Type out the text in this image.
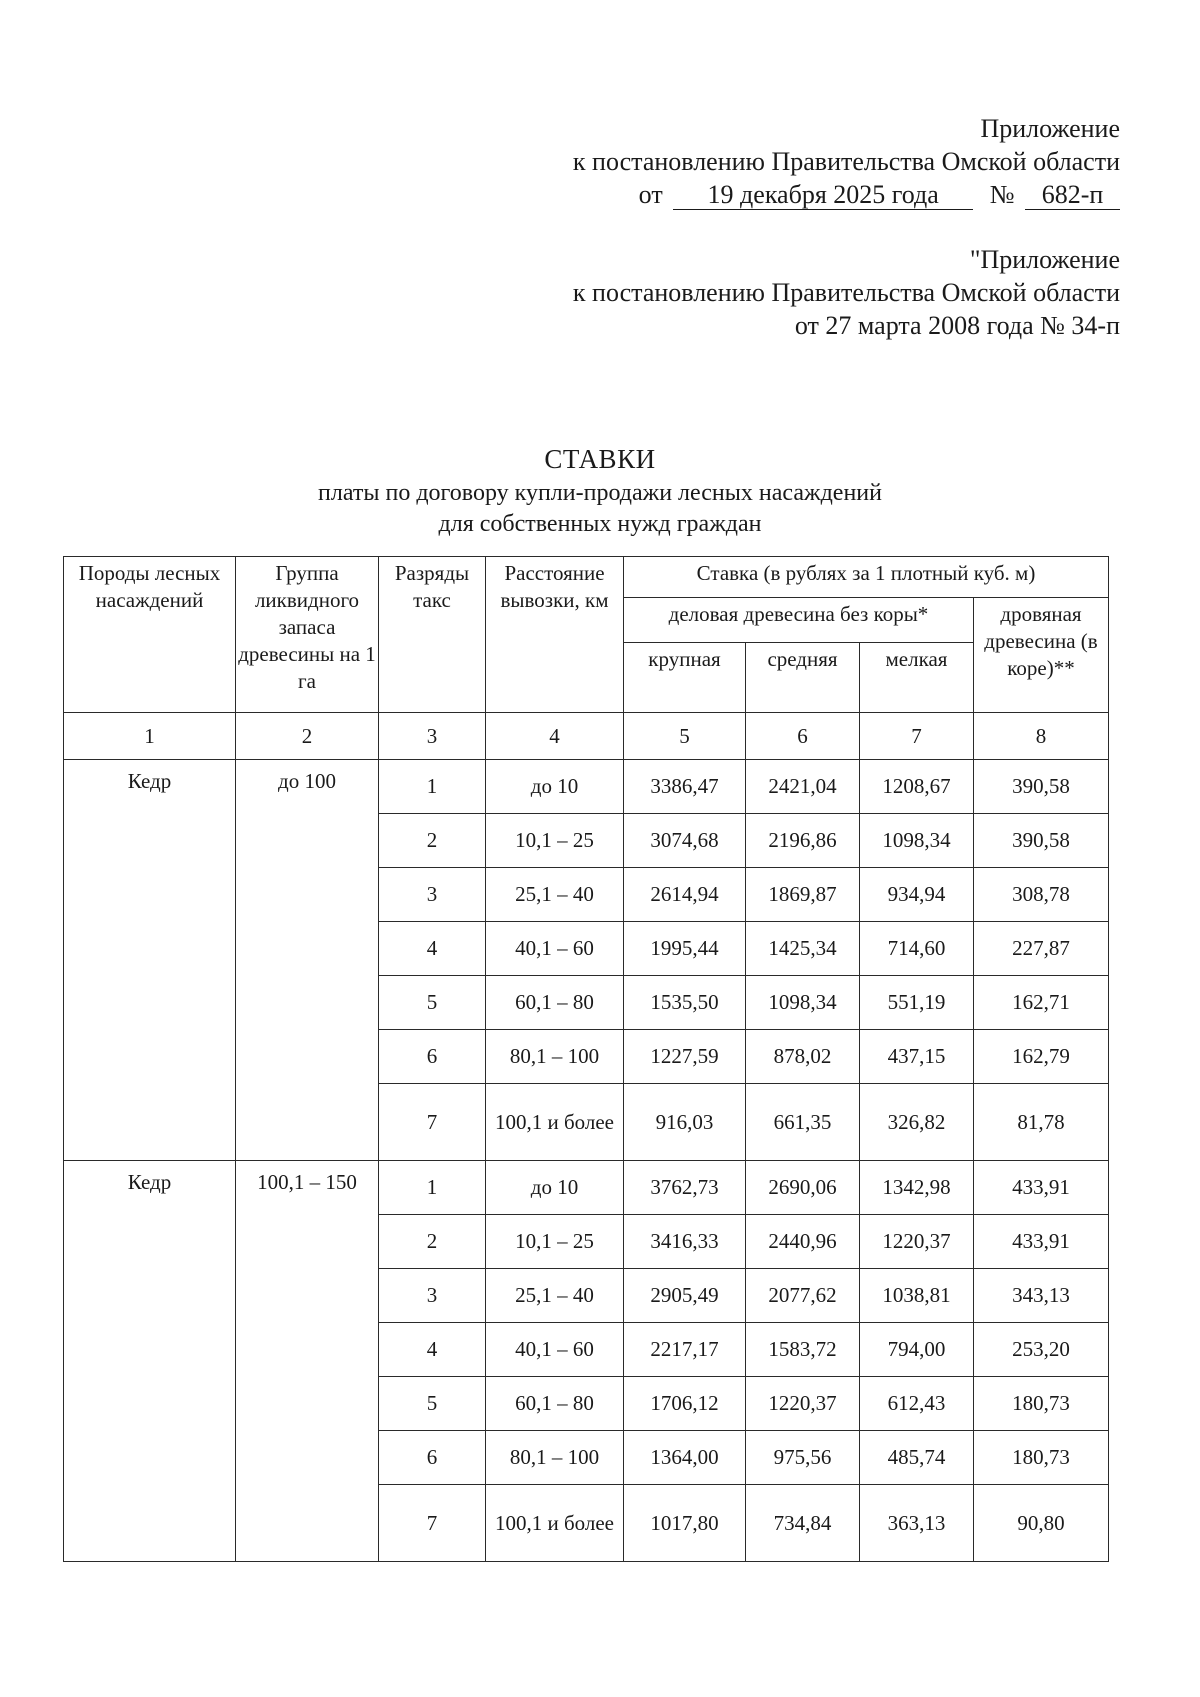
Приложение
к постановлению Правительства Омской области
от 19 декабря 2025 года № 682-п
"Приложение
к постановлению Правительства Омской области
от 27 марта 2008 года № 34-п
СТАВКИ
платы по договору купли-продажи лесных насаждений
для собственных нужд граждан
Породы лесных насаждений	Группа ликвидного запаса древесины на 1 га	Разряды такс	Расстояние вывозки, км	Ставка (в рублях за 1 плотный куб. м)			
				деловая древесина без коры*			дровяная древесина (в коре)**
				крупная	средняя	мелкая	
1	2	3	4	5	6	7	8
Кедр	до 100	1	до 10	3386,47	2421,04	1208,67	390,58
		2	10,1 – 25	3074,68	2196,86	1098,34	390,58
		3	25,1 – 40	2614,94	1869,87	934,94	308,78
		4	40,1 – 60	1995,44	1425,34	714,60	227,87
		5	60,1 – 80	1535,50	1098,34	551,19	162,71
		6	80,1 – 100	1227,59	878,02	437,15	162,79
		7	100,1 и более	916,03	661,35	326,82	81,78
Кедр	100,1 – 150	1	до 10	3762,73	2690,06	1342,98	433,91
		2	10,1 – 25	3416,33	2440,96	1220,37	433,91
		3	25,1 – 40	2905,49	2077,62	1038,81	343,13
		4	40,1 – 60	2217,17	1583,72	794,00	253,20
		5	60,1 – 80	1706,12	1220,37	612,43	180,73
		6	80,1 – 100	1364,00	975,56	485,74	180,73
		7	100,1 и более	1017,80	734,84	363,13	90,80
